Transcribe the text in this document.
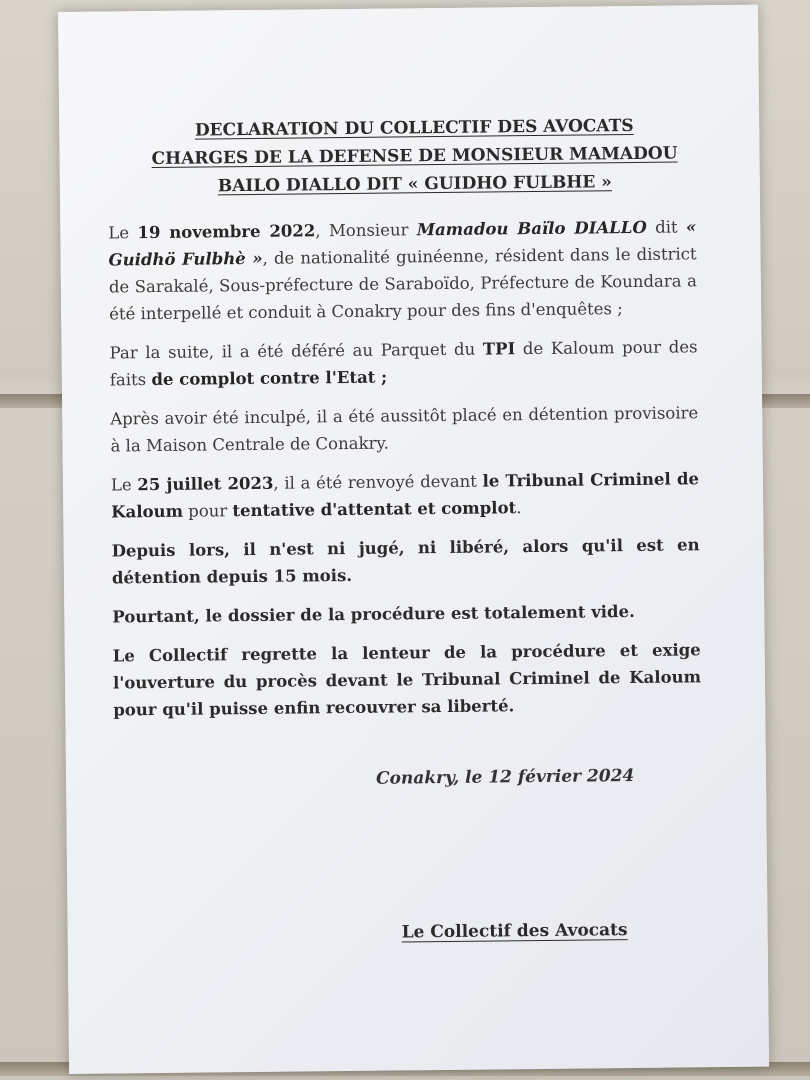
DECLARATION DU COLLECTIF DES AVOCATS
CHARGES DE LA DEFENSE DE MONSIEUR MAMADOU
BAILO DIALLO DIT « GUIDHO FULBHE »

Le 19 novembre 2022, Monsieur Mamadou Baïlo DIALLO dit « Guidhö Fulbhè », de nationalité guinéenne, résident dans le district de Sarakalé, Sous-préfecture de Saraboïdo, Préfecture de Koundara a été interpellé et conduit à Conakry pour des fins d'enquêtes ;

Par la suite, il a été déféré au Parquet du TPI de Kaloum pour des faits de complot contre l'Etat ;

Après avoir été inculpé, il a été aussitôt placé en détention provisoire à la Maison Centrale de Conakry.

Le 25 juillet 2023, il a été renvoyé devant le Tribunal Criminel de Kaloum pour tentative d'attentat et complot.

Depuis lors, il n'est ni jugé, ni libéré, alors qu'il est en détention depuis 15 mois.

Pourtant, le dossier de la procédure est totalement vide.

Le Collectif regrette la lenteur de la procédure et exige l'ouverture du procès devant le Tribunal Criminel de Kaloum pour qu'il puisse enfin recouvrer sa liberté.

Conakry, le 12 février 2024
Le Collectif des Avocats
